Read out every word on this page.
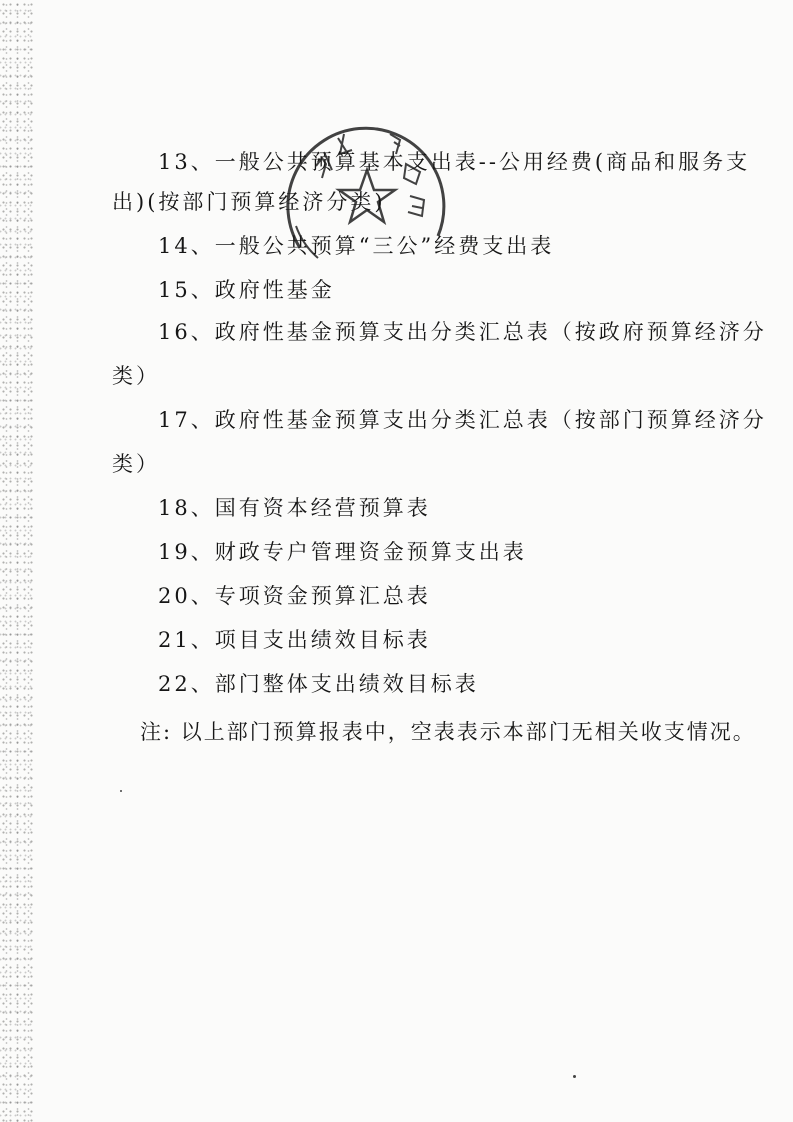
13、一般公共预算基本支出表--公用经费(商品和服务支
出)(按部门预算经济分类)
14、一般公共预算“三公”经费支出表
15、政府性基金
16、政府性基金预算支出分类汇总表（按政府预算经济分
类）
17、政府性基金预算支出分类汇总表（按部门预算经济分
类）
18、国有资本经营预算表
19、财政专户管理资金预算支出表
20、专项资金预算汇总表
21、项目支出绩效目标表
22、部门整体支出绩效目标表
注: 以上部门预算报表中，空表表示本部门无相关收支情况。
